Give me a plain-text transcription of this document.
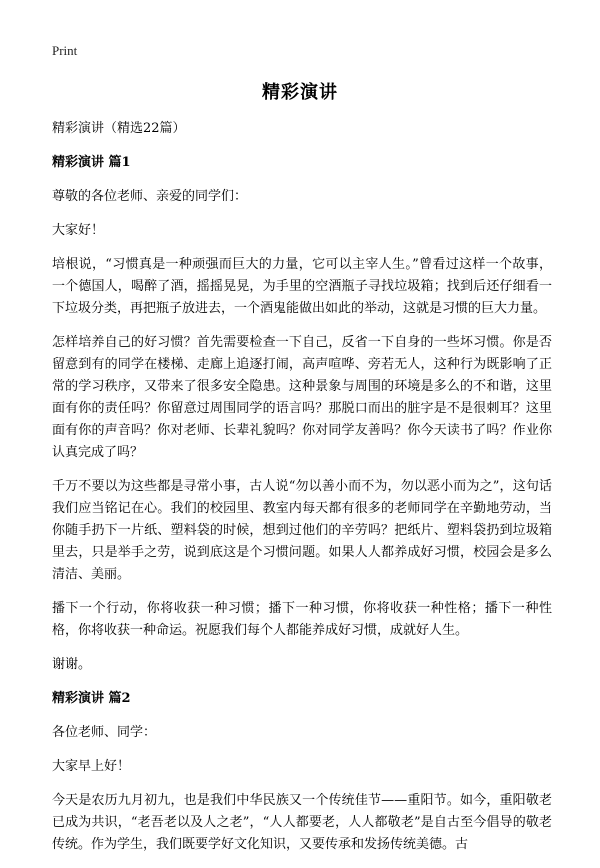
Print
精彩演讲

精彩演讲（精选22篇）

精彩演讲 篇1

尊敬的各位老师、亲爱的同学们：

大家好！

培根说，“习惯真是一种顽强而巨大的力量，它可以主宰人生。”曾看过这样一个故事，一个德国人，喝醉了酒，摇摇晃晃，为手里的空酒瓶子寻找垃圾箱；找到后还仔细看一下垃圾分类，再把瓶子放进去，一个酒鬼能做出如此的举动，这就是习惯的巨大力量。

怎样培养自己的好习惯？首先需要检查一下自己，反省一下自身的一些坏习惯。你是否留意到有的同学在楼梯、走廊上追逐打闹，高声喧哗、旁若无人，这种行为既影响了正常的学习秩序，又带来了很多安全隐患。这种景象与周围的环境是多么的不和谐，这里面有你的责任吗？你留意过周围同学的语言吗？那脱口而出的脏字是不是很刺耳？这里面有你的声音吗？你对老师、长辈礼貌吗？你对同学友善吗？你今天读书了吗？作业你认真完成了吗？

千万不要以为这些都是寻常小事，古人说“勿以善小而不为，勿以恶小而为之”，这句话我们应当铭记在心。我们的校园里、教室内每天都有很多的老师同学在辛勤地劳动，当你随手扔下一片纸、塑料袋的时候，想到过他们的辛劳吗？把纸片、塑料袋扔到垃圾箱里去，只是举手之劳，说到底这是个习惯问题。如果人人都养成好习惯，校园会是多么清洁、美丽。

播下一个行动，你将收获一种习惯；播下一种习惯，你将收获一种性格；播下一种性格，你将收获一种命运。祝愿我们每个人都能养成好习惯，成就好人生。

谢谢。

精彩演讲 篇2

各位老师、同学：

大家早上好！

今天是农历九月初九，也是我们中华民族又一个传统佳节——重阳节。如今，重阳敬老已成为共识，“老吾老以及人之老”，“人人都要老，人人都敬老”是自古至今倡导的敬老传统。作为学生，我们既要学好文化知识，又要传承和发扬传统美德。古
